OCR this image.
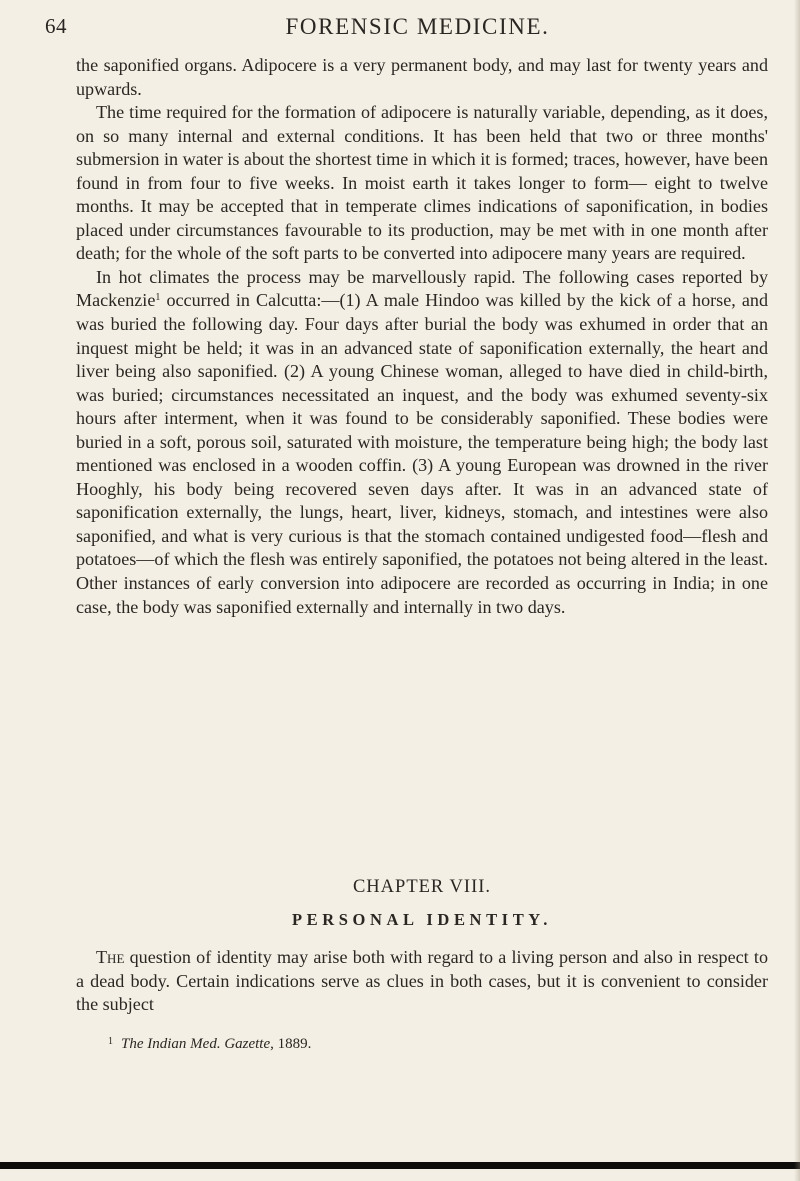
64	FORENSIC MEDICINE.

the saponified organs. Adipocere is a very permanent body, and may last for twenty years and upwards.

The time required for the formation of adipocere is naturally variable, depending, as it does, on so many internal and external conditions. It has been held that two or three months' submersion in water is about the shortest time in which it is formed; traces, however, have been found in from four to five weeks. In moist earth it takes longer to form— eight to twelve months. It may be accepted that in temperate climes indications of saponification, in bodies placed under circumstances favourable to its production, may be met with in one month after death; for the whole of the soft parts to be converted into adipocere many years are required.

In hot climates the process may be marvellously rapid. The following cases reported by Mackenzie$^1$ occurred in Calcutta:—(1) A male Hindoo was killed by the kick of a horse, and was buried the following day. Four days after burial the body was exhumed in order that an inquest might be held; it was in an advanced state of saponification externally, the heart and liver being also saponified. (2) A young Chinese woman, alleged to have died in child-birth, was buried; circumstances necessitated an inquest, and the body was exhumed seventy-six hours after interment, when it was found to be considerably saponified. These bodies were buried in a soft, porous soil, saturated with moisture, the temperature being high; the body last mentioned was enclosed in a wooden coffin. (3) A young European was drowned in the river Hooghly, his body being recovered seven days after. It was in an advanced state of saponification externally, the lungs, heart, liver, kidneys, stomach, and intestines were also saponified, and what is very curious is that the stomach contained undigested food—flesh and potatoes—of which the flesh was entirely saponified, the potatoes not being altered in the least. Other instances of early conversion into adipocere are recorded as occurring in India; in one case, the body was saponified externally and internally in two days.

CHAPTER VIII.
PERSONAL IDENTITY.

The question of identity may arise both with regard to a living person and also in respect to a dead body. Certain indications serve as clues in both cases, but it is convenient to consider the subject

$^1$ The Indian Med. Gazette, 1889.
